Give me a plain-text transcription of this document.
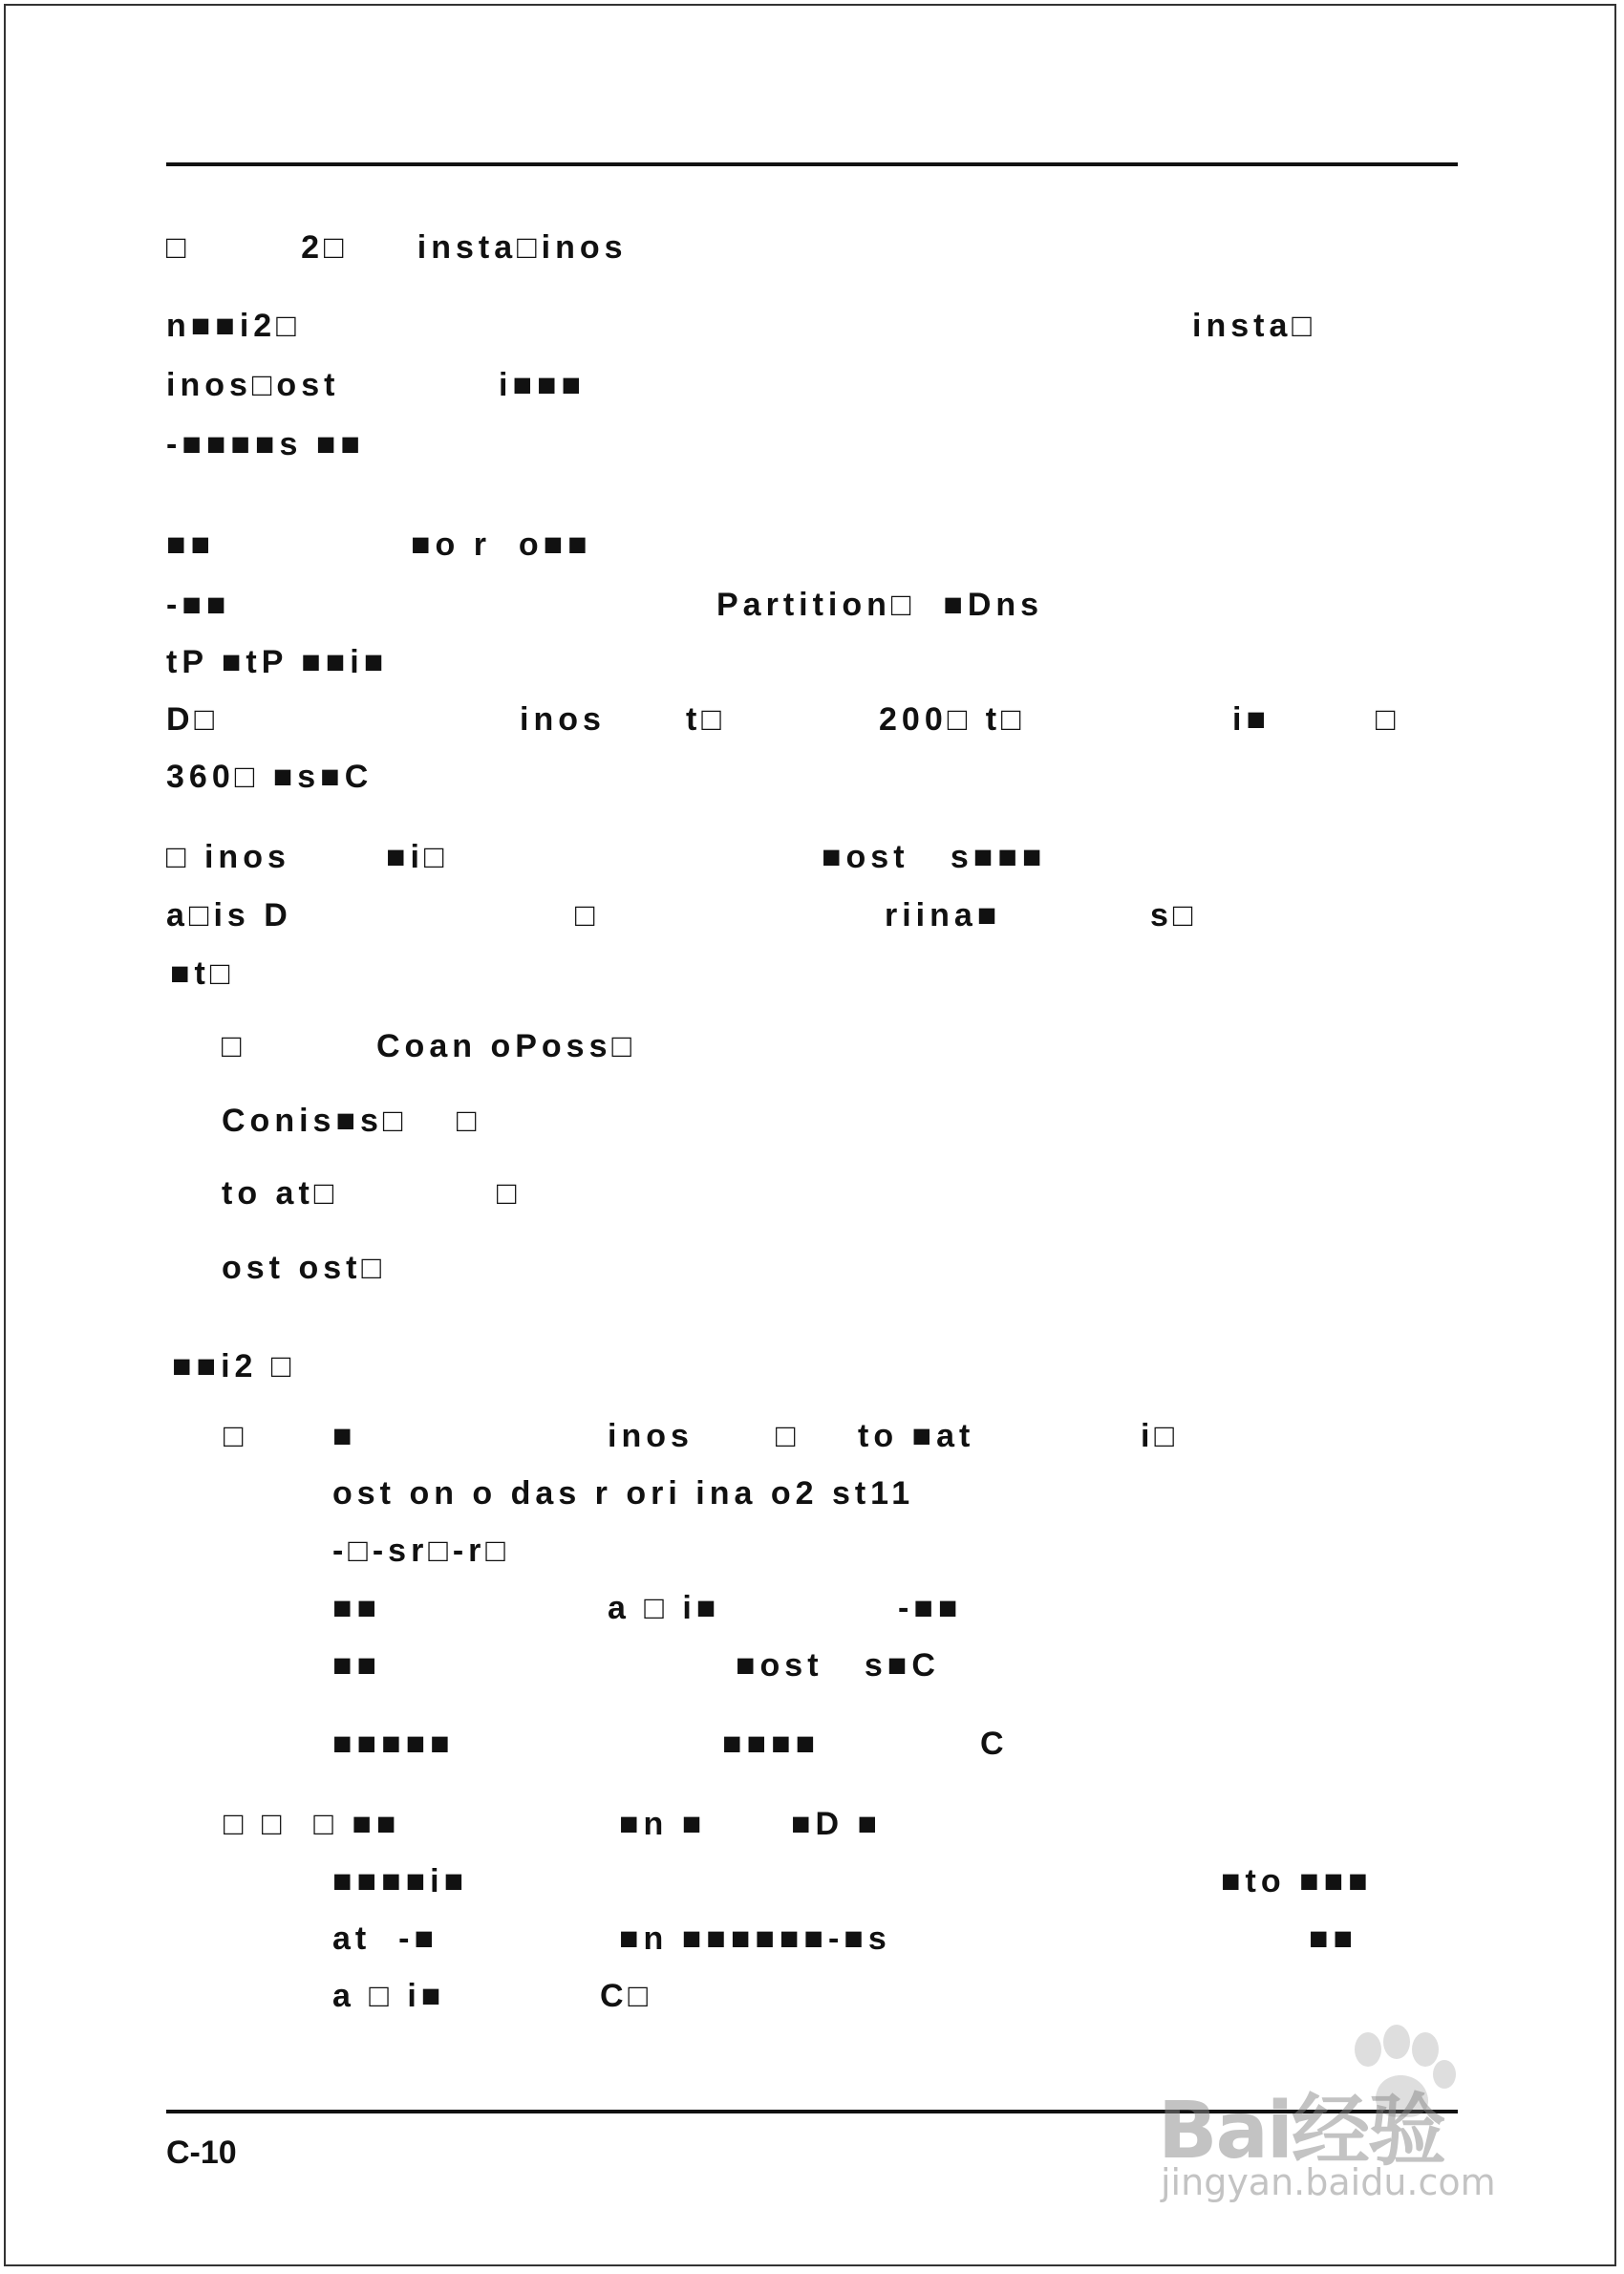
□        2□     instа□inos
n■■i2□	instа□
inos□ost	i■■■
-■■■■s ■■
■■	■o r  o■■
-■■	Partition□  ■Dns
tP ■tP ■■i■
D□	inos t□	200□ t□	i■	□
360□ ■s■C
□ inos	■i□	■ost   s■■■
a□is D	□	riina■	s□
■t□
□	Coan oPoss□
Conis■s□ □
to at□	□
ost ost□
■■i2 □
□	■	inos	□ to ■at	i□
ost on o das r ori ina o2 st11
-□-sr□-r□
■■	a □ i■	-■■
■■	■ost   s■C
■■■■■	■■■■	C
□ □  □ ■■	■n ■	■D ■
■■■■i■	■to ■■■
at  -■	■n ■■■■■■-■s	■■
a □ i■	C□
C-10	Bai经验
jingyan.baidu.com
